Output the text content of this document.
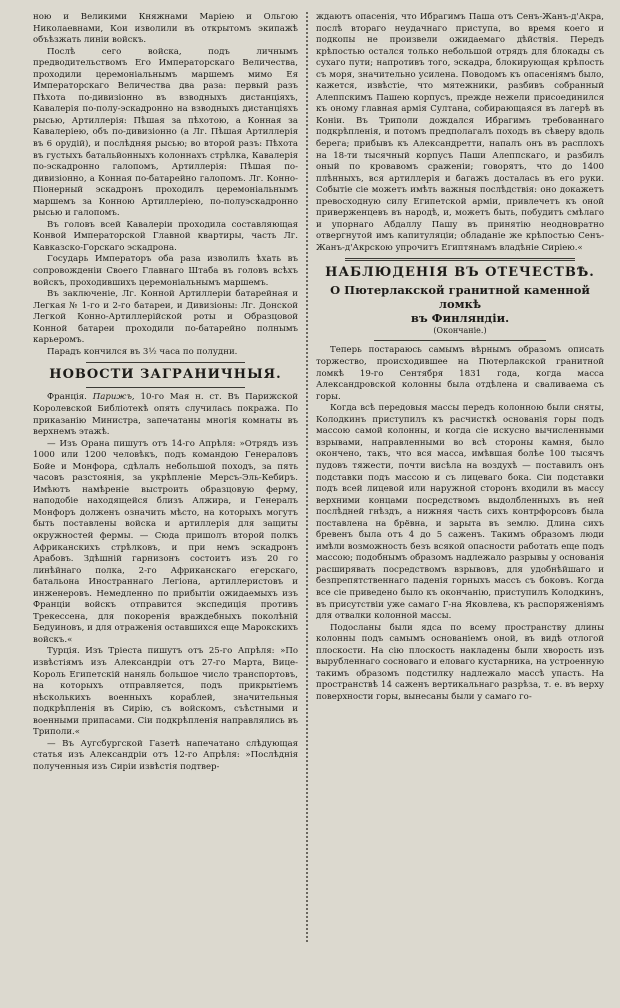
ною и Великими Княжнами Марiею и Ольгою Николаевнами, Кои изволили въ открытомъ экипажѣ объѣзжать линiи войскъ.

Послѣ сего войска, подъ личнымъ предводительствомъ Его Императорскаго Величества, проходили церемонiальнымъ маршемъ мимо Ея Императорскаго Величества два раза: первый разъ Пѣхота по-дивизiонно въ взводныхъ дистанцiяхъ, Кавалерiя по-полу-эскадронно на взводныхъ дистанцiяхъ рысью, Артиллерiя: Пѣшая за пѣхотою, а Конная за Кавалерiею, объ по-дивизiонно (а Лг. Пѣшая Артиллерiя въ 6 орудiй), и послѣдняя рысью; во второй разъ: Пѣхота въ густыхъ батальйонныхъ колоннахъ стрѣлка, Кавалерiя по-эскадронно галопомъ, Артиллерiя: Пѣшая по-дивизiонно, а Конная по-батарейно галопомъ. Лг. Конно-Пiонерный эскадронъ проходилъ церемонiальнымъ маршемъ за Конною Артиллерiею, по-полуэскадронно рысью и галопомъ.

Въ головъ всей Кавалерiи проходила составляющая Конвой Императорской Главной квартиры, часть Лг. Кавказско-Горскаго эскадрона.

Государь Императоръ оба раза изволилъ ѣхать въ сопровожденiи Своего Главнаго Штаба въ головъ всѣхъ войскъ, проходившихъ церемонiальнымъ маршемъ.

Въ заключенiе, Лг. Конной Артиллерiи батарейная и Легкая № 1-го и 2-го батареи, и Дивизiоны: Лг. Донской Легкой Конно-Артиллерiйской роты и Образцовой Конной батареи проходили по-батарейно полнымъ карьеромъ.

Парадъ кончился въ 3½ часа по полудни.

НОВОСТИ ЗАГРАНИЧНЫЯ.

Францiя. Парижъ, 10-го Мая н. ст. Въ Парижской Королевской Библiотекѣ опять случилась покража. По приказанiю Министра, запечатаны многiя комнаты въ верхнемъ этажѣ.

— Изъ Орана пишутъ отъ 14-го Апрѣля: »Отрядъ изъ 1000 или 1200 человѣкъ, подъ командою Генераловъ Бойе и Монфора, сдѣлалъ небольшой походъ, за пять часовъ разстоянiя, за укрѣпленiе Мерсъ-Эль-Кебиръ. Имѣютъ намѣренiе выстроить образцовую ферму, наподобiе находящейся близъ Алжира, и Генералъ Монфоръ долженъ означить мѣсто, на которыхъ могутъ быть поставлены войска и артиллерiя для защиты окружностей фермы. — Сюда пришолъ второй полкъ Африканскихъ стрѣлковъ, и при немъ эскадронъ Арабовъ. Здѣшнiй гарнизонъ состоитъ изъ 20 го линѣйнаго полка, 2-го Африканскаго егерскаго, батальона Иностраннаго Легiона, артиллеристовъ и инженеровъ. Немедленно по прибытiи ожидаемыхъ изъ Францiи войскъ отправится экспедицiя противъ Трекессена, для покоренiя враждебныхъ поколѣнiй Бедуиновъ, и для отраженiя оставшихся еще Марокскихъ войскъ.«

Турцiя. Изъ Трiеста пишутъ отъ 25-го Апрѣля: »По извѣстiямъ изъ Александрiи отъ 27-го Марта, Вице-Король Египетскiй наняль большое число транспортовъ, на которыхъ отправляется, подъ прикрытiемъ нѣсколькихъ военныхъ кораблей, значительныя подкрѣпленiя въ Сирiю, съ войскомъ, съѣстными и военными припасами. Сiи подкрѣпленiя направлялись въ Триполи.«

— Въ Аугсбургской Газетѣ напечатано слѣдующая статья изъ Александрiи отъ 12-го Апрѣля: »Послѣднiя полученныя изъ Сирiи извѣстiя подтвер-

ждаютъ опасенiя, что Ибрагимъ Паша отъ Сенъ-Жанъ-д'Акра, послѣ втораго неудачнаго приступа, во время коего и подкопы не произвели ожидаемаго дѣйствiя. Передъ крѣпостью остался только небольшой отрядъ для блокады съ сухаго пути; напротивъ того, эскадра, блокирующая крѣпость съ моря, значительно усилена. Поводомъ къ опасенiямъ было, кажется, извѣстiе, что мятежники, разбивъ собранный Алеппскимъ Пашею корпусъ, прежде нежели присоединился къ оному главная армiя Султана, собирающаяся въ лагерѣ въ Конiи. Въ Триполи дождался Ибрагимъ требованнаго подкрѣпленiя, и потомъ предполагалъ походъ въ сѣверу вдоль берега; прибывъ къ Александретти, напалъ онъ въ расплохъ на 18-ти тысячный корпусъ Паши Алеппскаго, и разбилъ оный по кровавомъ сраженiи; говорятъ, что до 1400 плѣнныхъ, вся артиллерiя и багажъ досталась въ его руки. Событiе сiе можетъ имѣть важныя послѣдствiя: оно докажетъ превосходную силу Египетской армiи, привлечетъ къ оной привержeнцевъ въ народѣ, и, можетъ быть, побудитъ смѣлаго и упорнаго Абдаллу Пашу въ принятiю неодновратно отвергнутой имъ капитуляцiи; обладанiе же крѣпостью Сенъ-Жанъ-д'Акрскою упрочитъ Египтянамъ владѣнiе Сирiею.«

НАБЛЮДЕНIЯ ВЪ ОТЕЧЕСТВѢ.
О Пютерлакской гранитной каменной ломкѣ
въ Финляндiи.
(Окончанiе.)

Теперь постараюсь самымъ вѣрнымъ образомъ описать торжество, происходившее на Пютерлакской гранитной ломкѣ 19-го Сентября 1831 года, когда масса Александровской колонны была отдѣлена и сваливаема съ горы.

Когда всѣ передовыя массы передъ колонною были сняты, Колодкинъ приступилъ къ расчисткѣ основанiя горы подъ массою самой колонны, и когда сiе искусно вычисленными взрывами, направленными во всѣ стороны камня, было окончено, такъ, что вся масса, имѣвшая болѣе 100 тысячъ пудовъ тяжести, почти висѣла на воздухѣ — поставилъ онъ подставки подъ массою и съ лицеваго бока. Сiи подставки подъ всей лицевой или наружной сторонъ входили въ массу верхними концами посредствомъ выдолбленныхъ въ ней послѣдней гнѣздъ, а нижняя часть сихъ контрфорсовъ была поставлена на брёвна, и зарыта въ землю. Длина сихъ бревенъ была отъ 4 до 5 саженъ. Такимъ образомъ люди имѣли возможность безъ всякой опасности работать еще подъ массою; подобнымъ образомъ надлежало разрывы у основанiя расширявать посредствомъ взрывовъ, для удобнѣйшаго и безпрепятственнаго паденiя горныхъ массъ съ боковъ. Когда все сiе приведено было къ окончанiю, приступилъ Колодкинъ, въ присутствiи уже самаго Г-на Яковлева, къ распоряженiямъ для отвалки колонной массы.

Подосланы были ядса по всему пространству длины колонны подъ самымъ основанiемъ оной, въ видѣ отлогой плоскости. На сiю плоскость накладены были хворость изъ вырубленнаго сосноваго и еловаго кустарника, на устроенную такимъ образомъ подстилку надлежало массѣ упасть. На пространствѣ 14 саженъ вертикальнаго разрѣза, т. е. въ верху поверхности горы, вынесаны были у самаго го-
